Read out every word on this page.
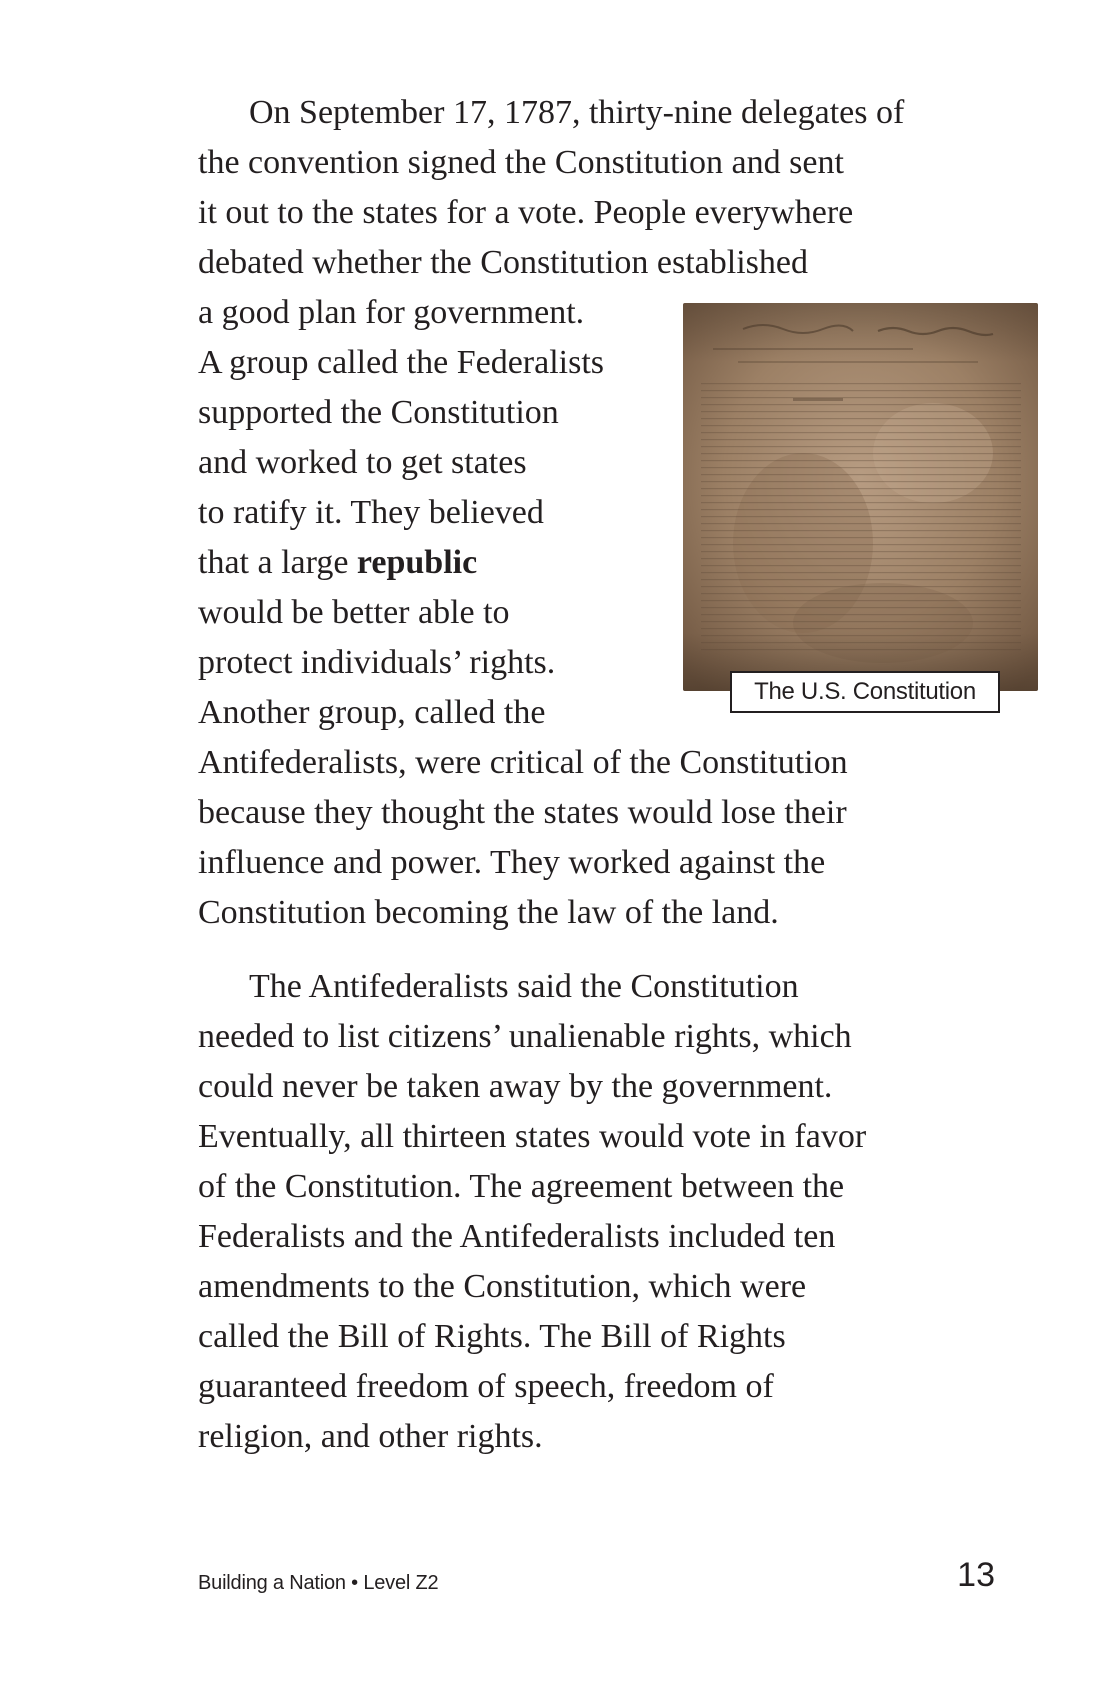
On September 17, 1787, thirty-nine delegates of
the convention signed the Constitution and sent
it out to the states for a vote. People everywhere
debated whether the Constitution established
a good plan for government.
A group called the Federalists
supported the Constitution
and worked to get states
to ratify it. They believed
that a large republic
would be better able to
protect individuals’ rights.
Another group, called the
Antifederalists, were critical of the Constitution
because they thought the states would lose their
influence and power. They worked against the
Constitution becoming the law of the land.
The Antifederalists said the Constitution
needed to list citizens’ unalienable rights, which
could never be taken away by the government.
Eventually, all thirteen states would vote in favor
of the Constitution. The agreement between the
Federalists and the Antifederalists included ten
amendments to the Constitution, which were
called the Bill of Rights. The Bill of Rights
guaranteed freedom of speech, freedom of
religion, and other rights.
The U.S. Constitution
Building a Nation • Level Z2	13
